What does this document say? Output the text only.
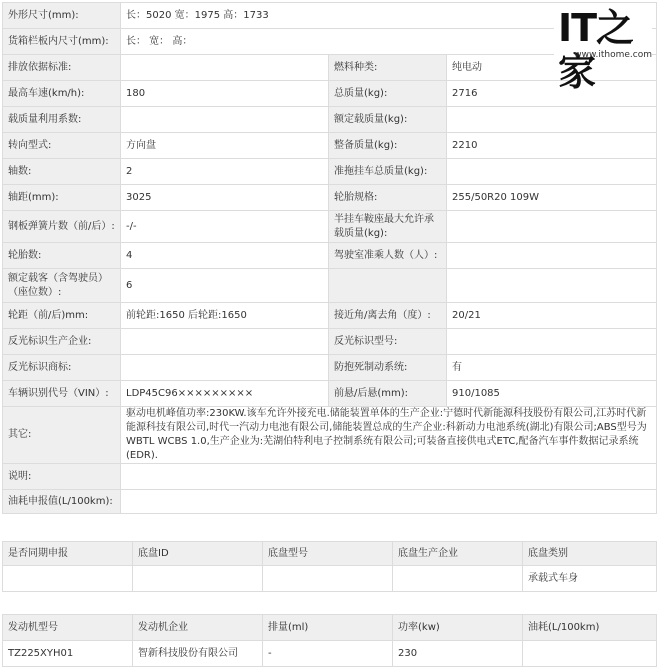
外形尺寸(mm):	长：5020 宽：1975 高：1733		
货箱栏板内尺寸(mm):	长： 宽： 高：		
排放依据标准:		燃料种类:	纯电动
最高车速(km/h):	180	总质量(kg):	2716
载质量利用系数:		额定载质量(kg):	
转向型式:	方向盘	整备质量(kg):	2210
轴数:	2	准拖挂车总质量(kg):	
轴距(mm):	3025	轮胎规格:	255/50R20 109W
钢板弹簧片数（前/后）:	-/-	半挂车鞍座最大允许承载质量(kg):	
轮胎数:	4	驾驶室准乘人数（人）:	
额定载客（含驾驶员）（座位数）:	6		
轮距（前/后)mm:	前轮距:1650 后轮距:1650	接近角/离去角（度）:	20/21
反光标识生产企业:		反光标识型号:	
反光标识商标:		防抱死制动系统:	有
车辆识别代号（VIN）:	LDP45C96×××××××××	前悬/后悬(mm):	910/1085
其它:	驱动电机峰值功率:230KW.该车允许外接充电.储能装置单体的生产企业:宁德时代新能源科技股份有限公司,江苏时代新能源科技有限公司,时代一汽动力电池有限公司,储能装置总成的生产企业:科新动力电池系统(湖北)有限公司;ABS型号为WBTL WCBS 1.0,生产企业为:芜湖伯特利电子控制系统有限公司;可装备直接供电式ETC,配备汽车事件数据记录系统(EDR).		
说明:			
油耗申报值(L/100km):			
IT之家
www.ithome.com
是否同期申报	底盘ID	底盘型号	底盘生产企业	底盘类别
				承载式车身
发动机型号	发动机企业	排量(ml)	功率(kw)	油耗(L/100km)
TZ225XYH01	智新科技股份有限公司	-	230	
